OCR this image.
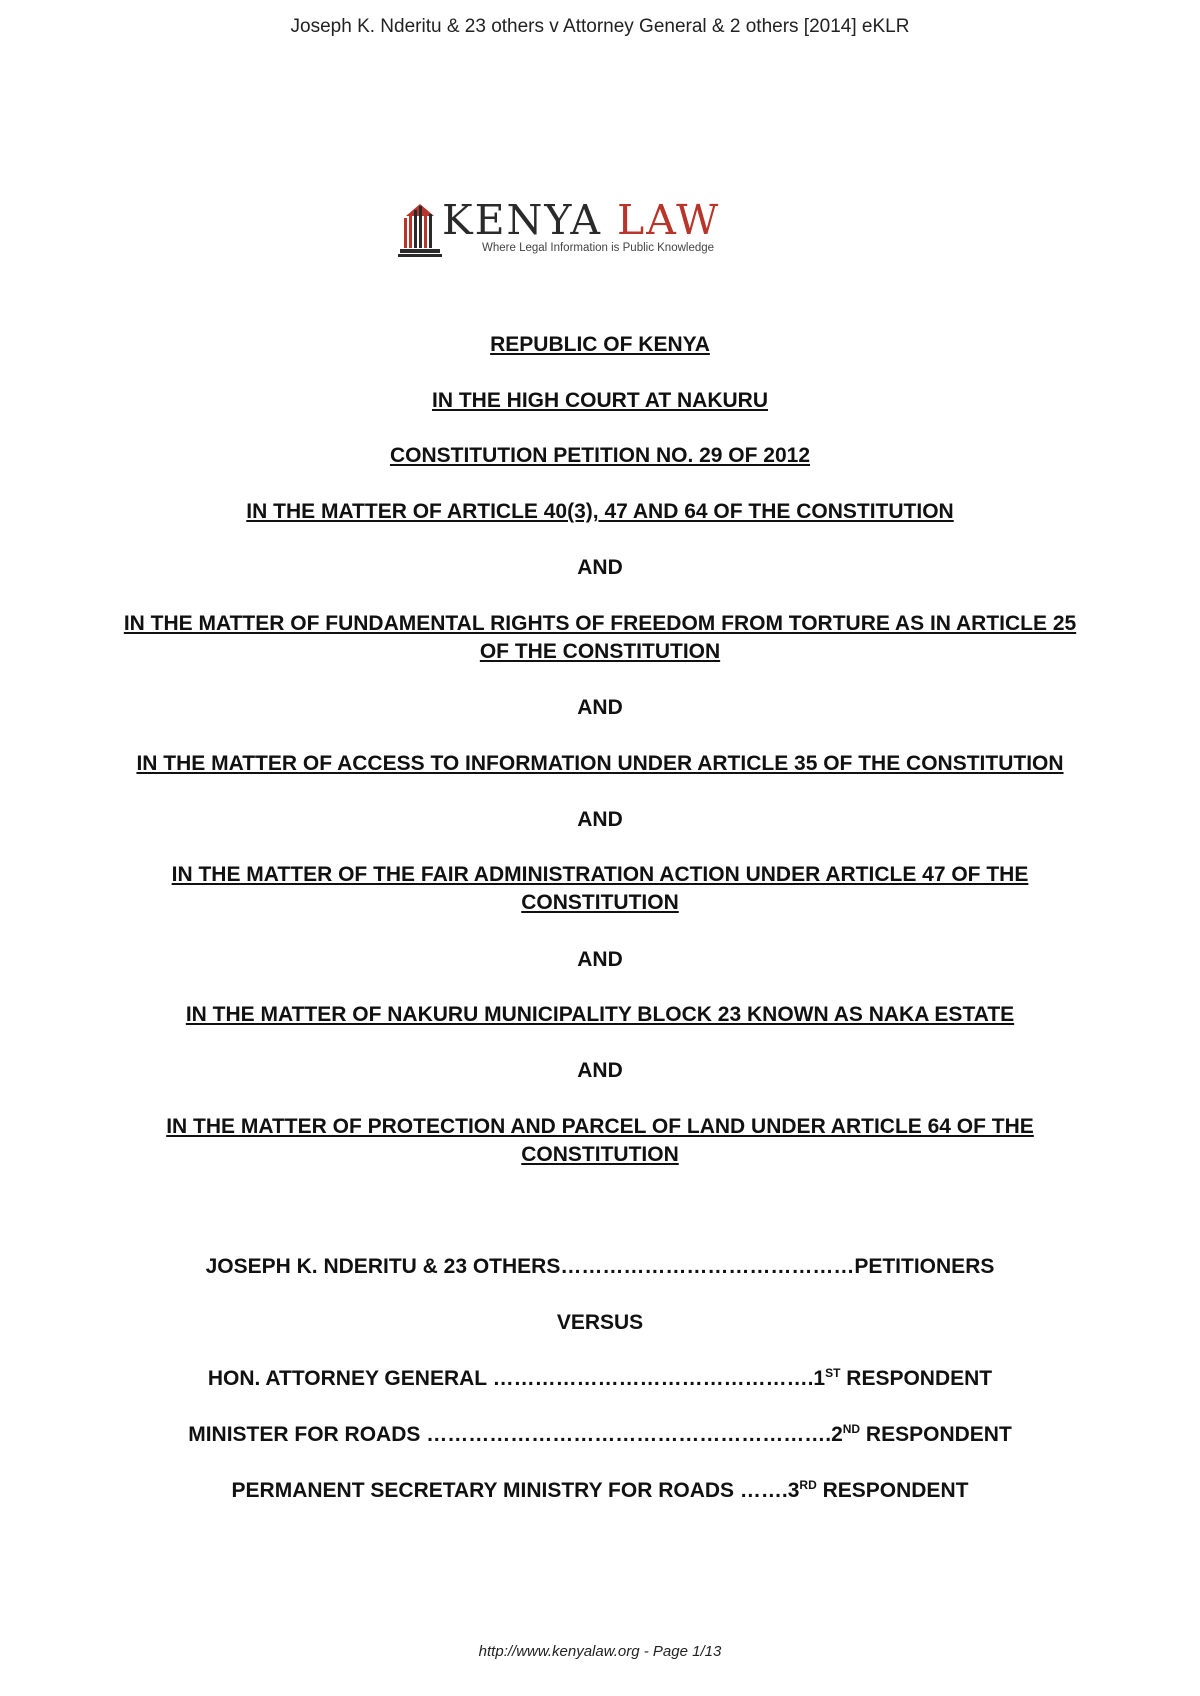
Joseph K. Nderitu & 23 others v Attorney General & 2 others [2014] eKLR
KENYA LAW
Where Legal Information is Public Knowledge
REPUBLIC OF KENYA
IN THE HIGH COURT AT NAKURU
CONSTITUTION PETITION NO. 29 OF 2012
IN THE MATTER OF ARTICLE 40(3), 47 AND 64 OF THE CONSTITUTION
AND
IN THE MATTER OF FUNDAMENTAL RIGHTS OF FREEDOM FROM TORTURE AS IN ARTICLE 25
OF THE CONSTITUTION
AND
IN THE MATTER OF ACCESS TO INFORMATION UNDER ARTICLE 35 OF THE CONSTITUTION
AND
IN THE MATTER OF THE FAIR ADMINISTRATION ACTION UNDER ARTICLE 47 OF THE
CONSTITUTION
AND
IN THE MATTER OF NAKURU MUNICIPALITY BLOCK 23 KNOWN AS NAKA ESTATE
AND
IN THE MATTER OF PROTECTION AND PARCEL OF LAND UNDER ARTICLE 64 OF THE
CONSTITUTION
JOSEPH K. NDERITU & 23 OTHERS……………………………………PETITIONERS
VERSUS
HON. ATTORNEY GENERAL ……………………………………….1ST RESPONDENT
MINISTER FOR ROADS ………………………………………………….2ND RESPONDENT
PERMANENT SECRETARY MINISTRY FOR ROADS …….3RD RESPONDENT
http://www.kenyalaw.org - Page 1/13
